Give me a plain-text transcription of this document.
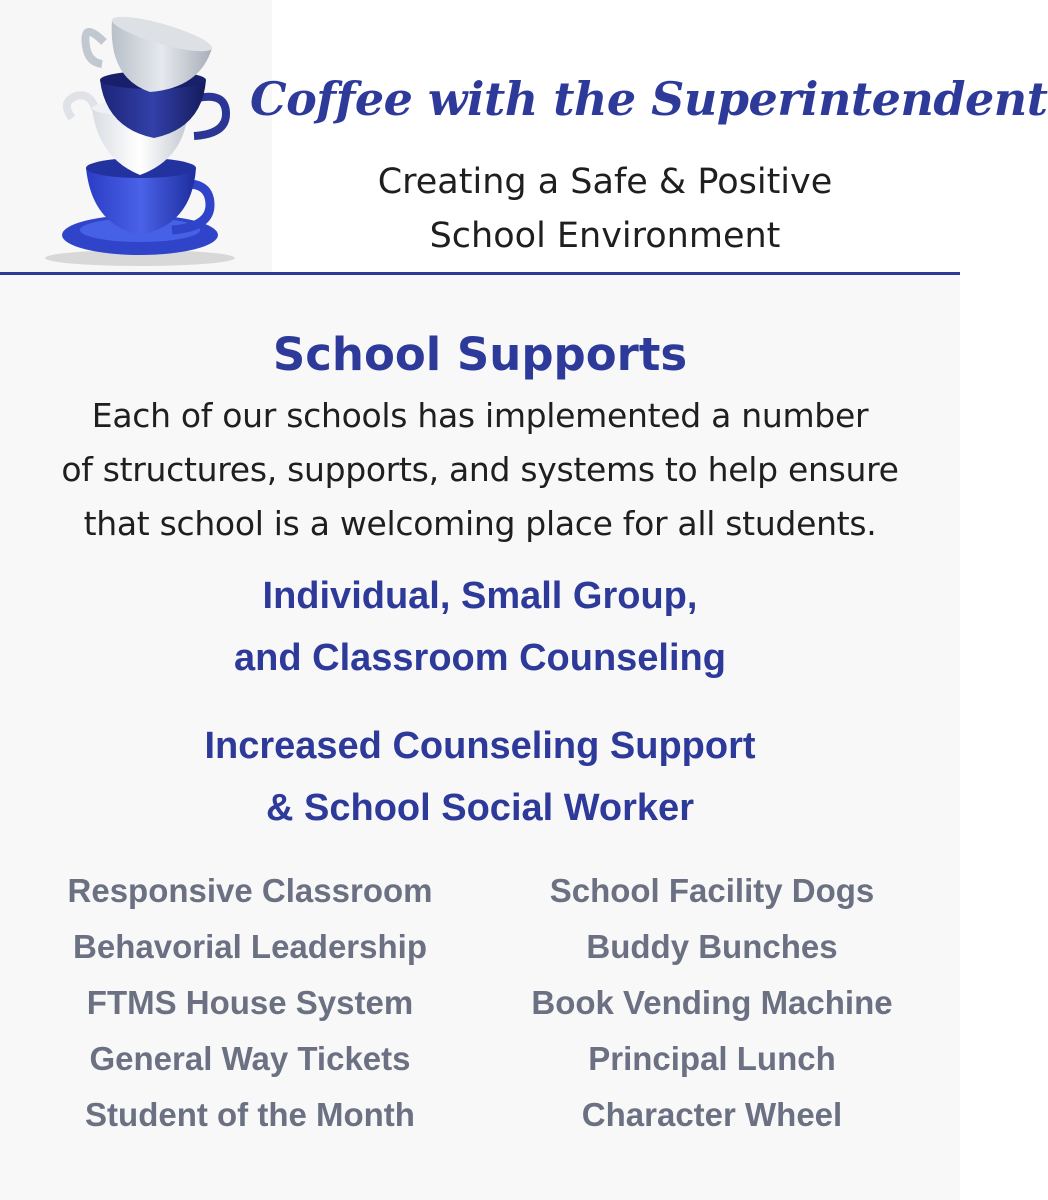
Coffee with the Superintendent
Creating a Safe & Positive
School Environment
School Supports
Each of our schools has implemented a number
of structures, supports, and systems to help ensure
that school is a welcoming place for all students.
Individual, Small Group,
and Classroom Counseling
Increased Counseling Support
& School Social Worker
Responsive Classroom
Behavorial Leadership
FTMS House System
General Way Tickets
Student of the Month
School Facility Dogs
Buddy Bunches
Book Vending Machine
Principal Lunch
Character Wheel
